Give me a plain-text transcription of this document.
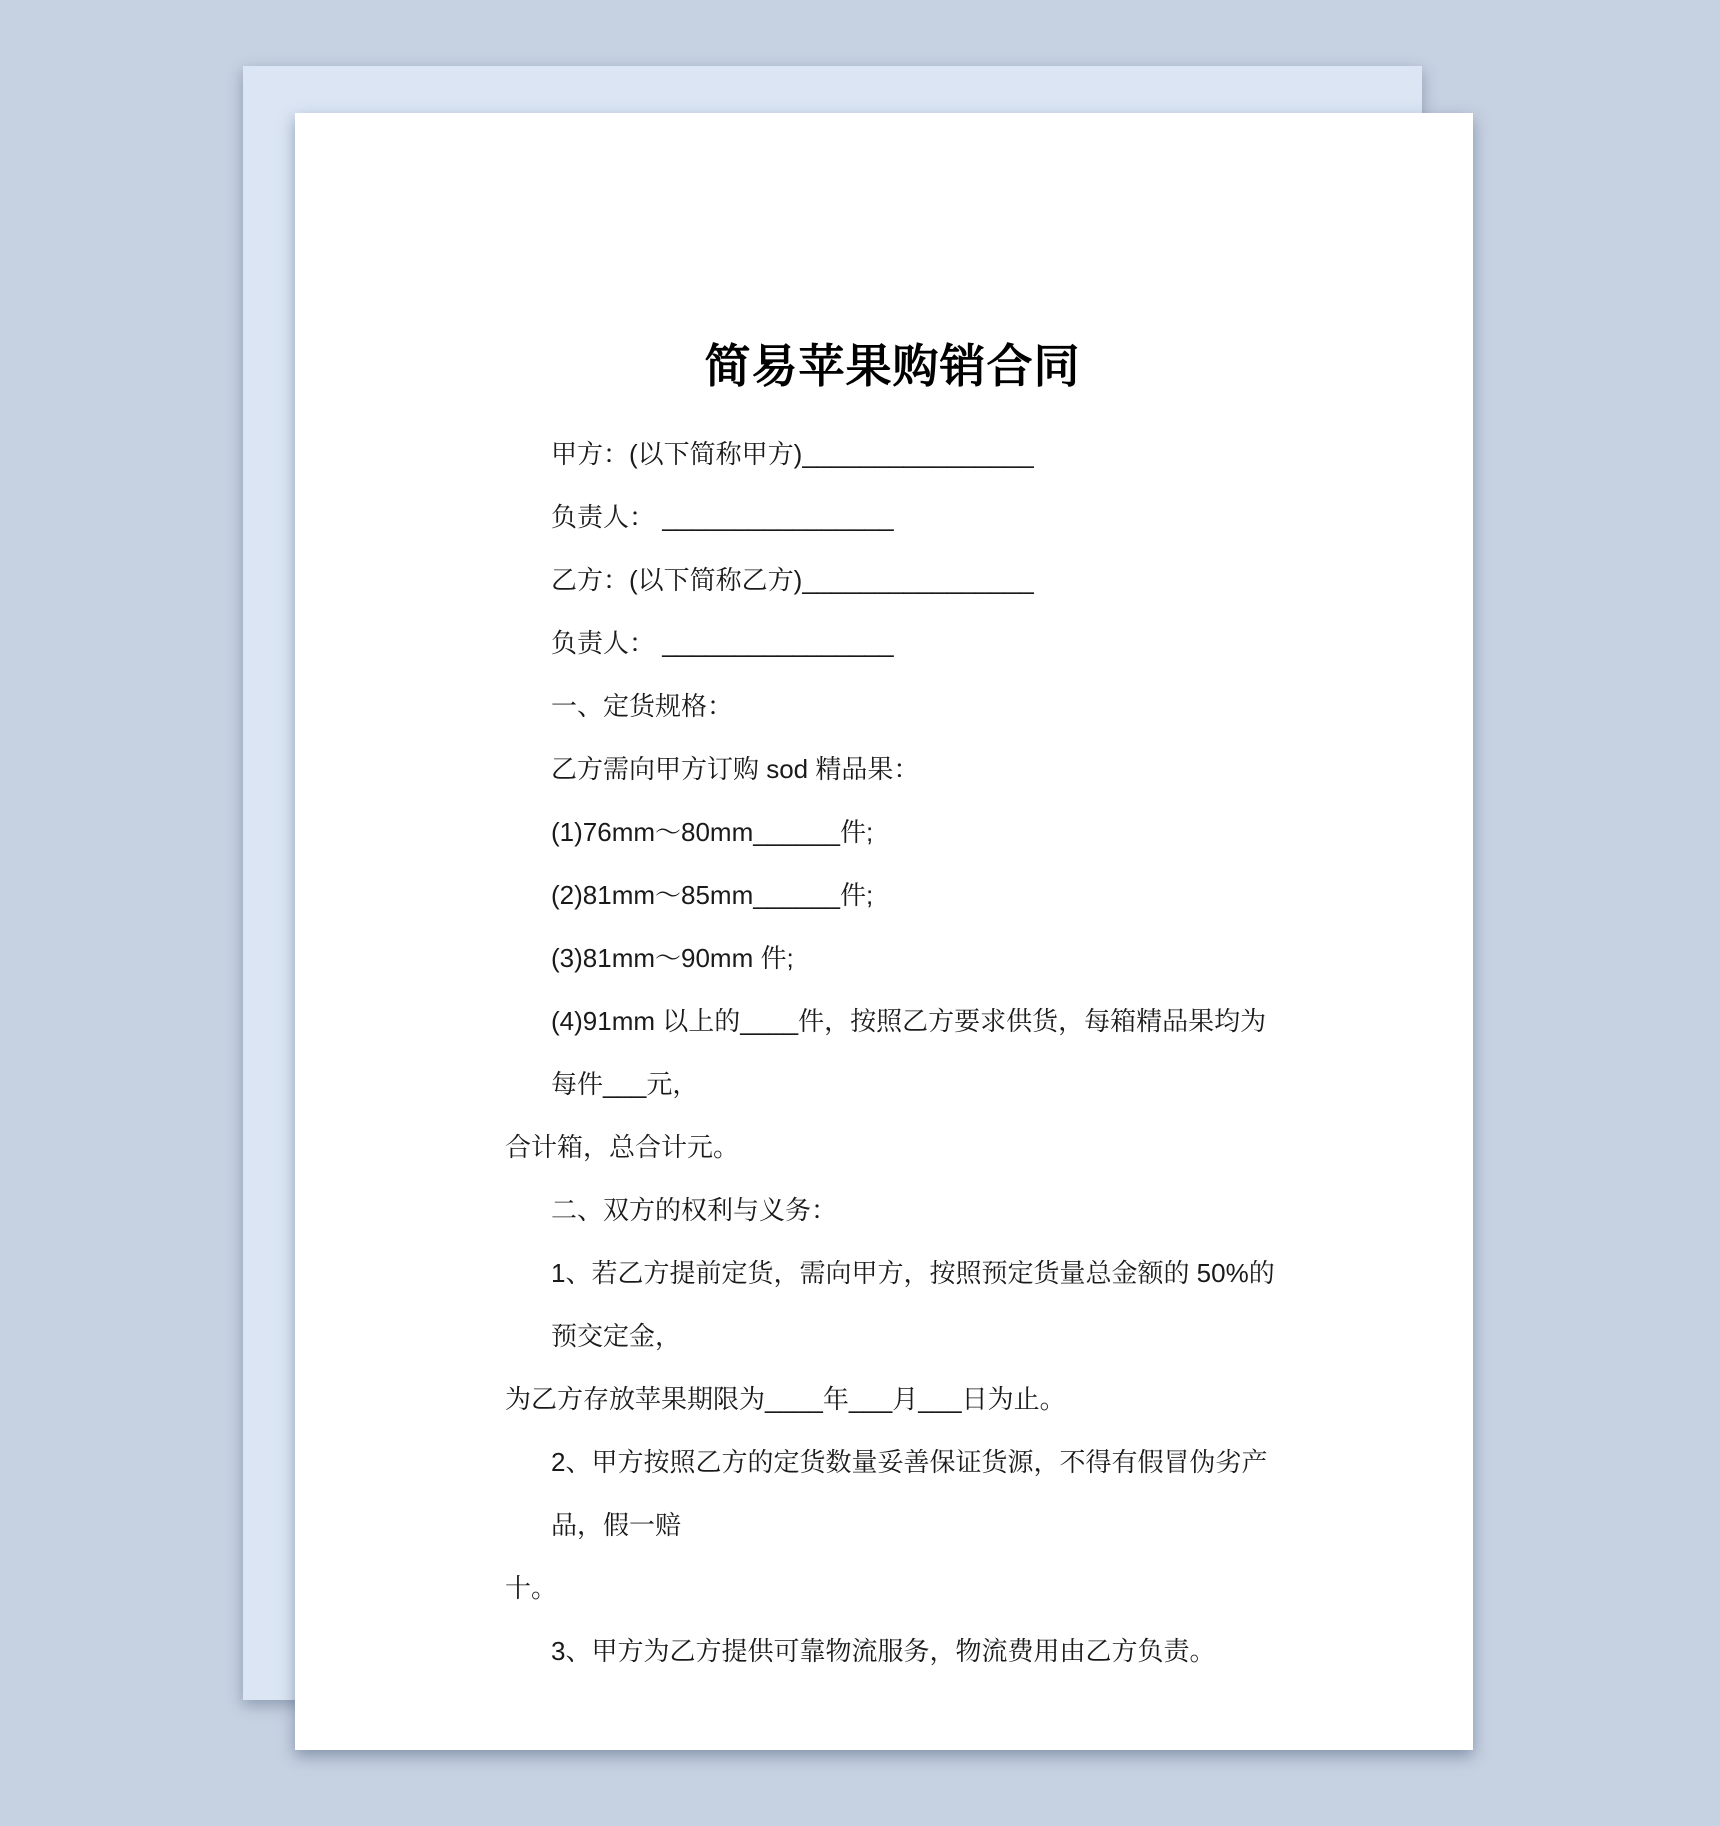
简易苹果购销合同
甲方：(以下简称甲方)________________
负责人： ________________
乙方：(以下简称乙方)________________
负责人： ________________
一、定货规格：
乙方需向甲方订购 sod 精品果：
(1)76mm～80mm______件;
(2)81mm～85mm______件;
(3)81mm～90mm 件;
(4)91mm 以上的____件，按照乙方要求供货，每箱精品果均为每件___元，
合计箱，总合计元。
二、双方的权利与义务：
1、若乙方提前定货，需向甲方，按照预定货量总金额的 50%的预交定金，
为乙方存放苹果期限为____年___月___日为止。
2、甲方按照乙方的定货数量妥善保证货源，不得有假冒伪劣产品，假一赔
十。
3、甲方为乙方提供可靠物流服务，物流费用由乙方负责。
